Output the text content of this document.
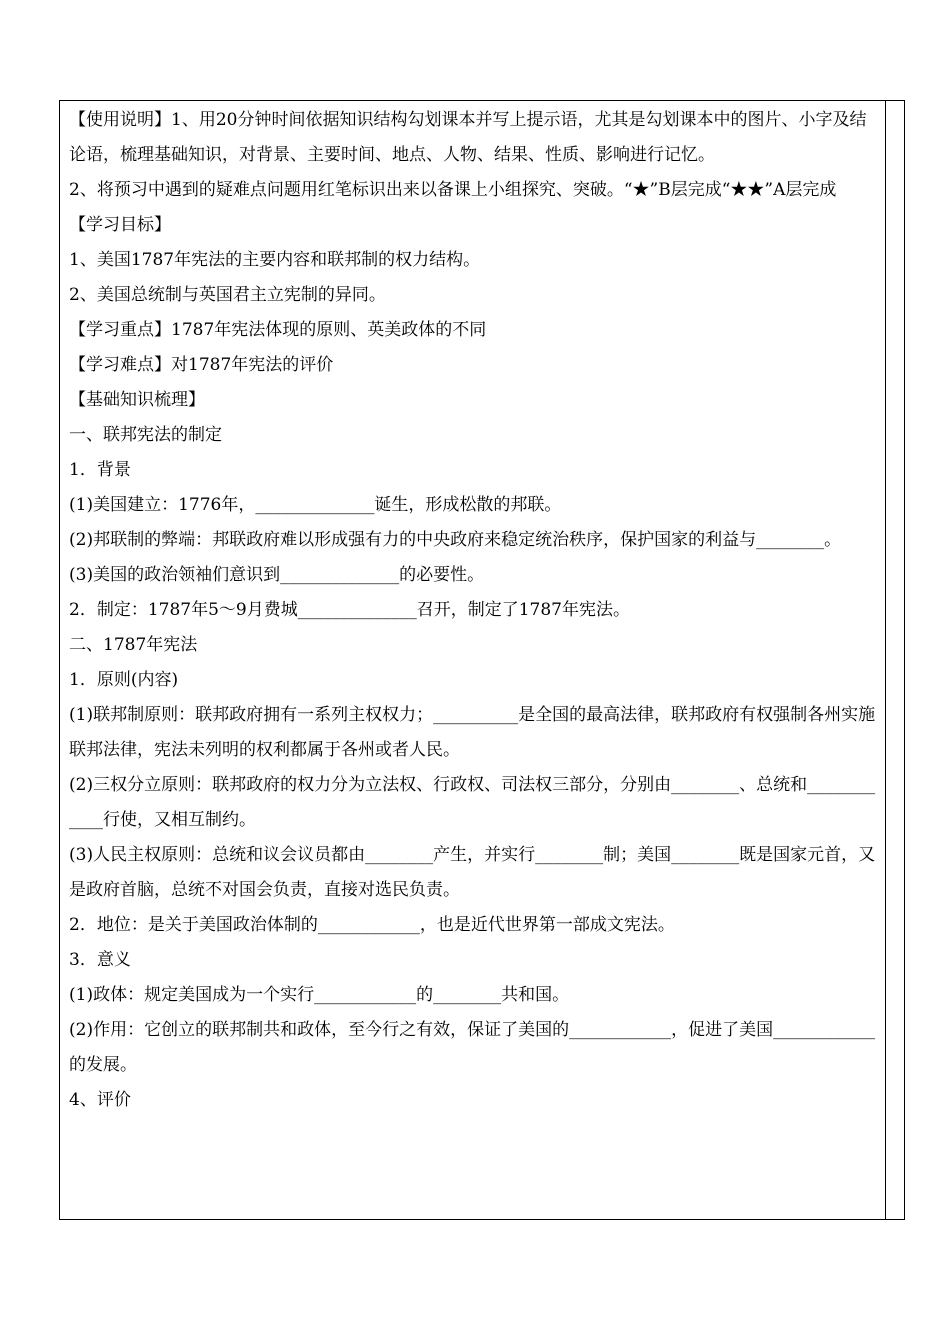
【使用说明】1、用20分钟时间依据知识结构勾划课本并写上提示语，尤其是勾划课本中的图片、小字及结论语，梳理基础知识，对背景、主要时间、地点、人物、结果、性质、影响进行记忆。

2、将预习中遇到的疑难点问题用红笔标识出来以备课上小组探究、突破。“★”B层完成“★★”A层完成

【学习目标】

1、美国1787年宪法的主要内容和联邦制的权力结构。

2、美国总统制与英国君主立宪制的异同。

【学习重点】1787年宪法体现的原则、英美政体的不同

【学习难点】对1787年宪法的评价

【基础知识梳理】

一、联邦宪法的制定

1．背景

(1)美国建立：1776年，______________诞生，形成松散的邦联。

(2)邦联制的弊端：邦联政府难以形成强有力的中央政府来稳定统治秩序，保护国家的利益与________。

(3)美国的政治领袖们意识到______________的必要性。

2．制定：1787年5～9月费城______________召开，制定了1787年宪法。

二、1787年宪法

1．原则(内容)

(1)联邦制原则：联邦政府拥有一系列主权权力；__________是全国的最高法律，联邦政府有权强制各州实施联邦法律，宪法未列明的权利都属于各州或者人民。

(2)三权分立原则：联邦政府的权力分为立法权、行政权、司法权三部分，分别由________、总统和____________行使，又相互制约。

(3)人民主权原则：总统和议会议员都由________产生，并实行________制；美国________既是国家元首，又是政府首脑，总统不对国会负责，直接对选民负责。

2．地位：是关于美国政治体制的____________，也是近代世界第一部成文宪法。

3．意义

(1)政体：规定美国成为一个实行____________的________共和国。

(2)作用：它创立的联邦制共和政体，至今行之有效，保证了美国的____________，促进了美国____________的发展。

4、评价
